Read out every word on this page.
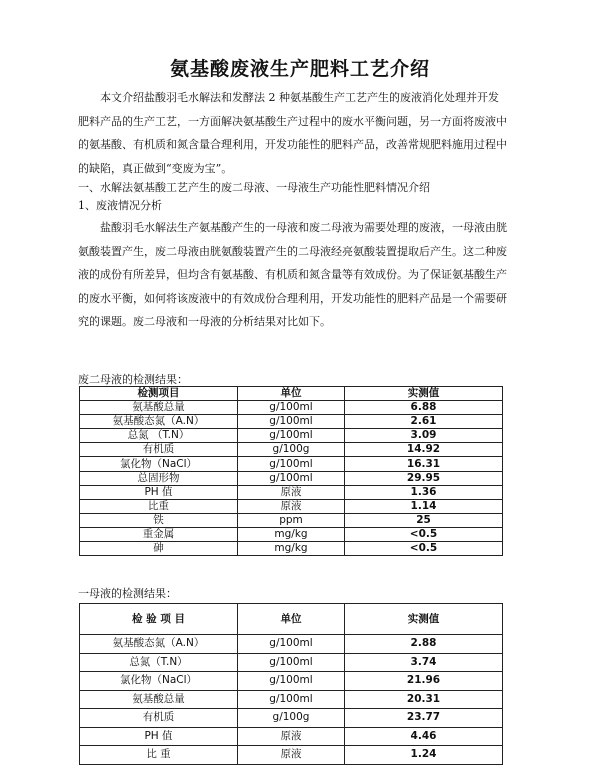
氨基酸废液生产肥料工艺介绍

本文介绍盐酸羽毛水解法和发酵法 2 种氨基酸生产工艺产生的废液消化处理并开发肥料产品的生产工艺，一方面解决氨基酸生产过程中的废水平衡问题，另一方面将废液中的氨基酸、有机质和氮含量合理利用，开发功能性的肥料产品，改善常规肥料施用过程中的缺陷，真正做到“变废为宝”。

一、水解法氨基酸工艺产生的废二母液、一母液生产功能性肥料情况介绍

1、废液情况分析

盐酸羽毛水解法生产氨基酸产生的一母液和废二母液为需要处理的废液，一母液由胱氨酸装置产生，废二母液由胱氨酸装置产生的二母液经亮氨酸装置提取后产生。这二种废液的成份有所差异，但均含有氨基酸、有机质和氮含量等有效成份。为了保证氨基酸生产的废水平衡，如何将该废液中的有效成份合理利用，开发功能性的肥料产品是一个需要研究的课题。废二母液和一母液的分析结果对比如下。

废二母液的检测结果：

检测项目	单位	实测值
氨基酸总量	g/100ml	6.88
氨基酸态氮（A.N）	g/100ml	2.61
总氮 （T.N）	g/100ml	3.09
有机质	g/100g	14.92
氯化物（NaCl）	g/100ml	16.31
总固形物	g/100ml	29.95
PH 值	原液	1.36
比重	原液	1.14
铁	ppm	25
重金属	mg/kg	<0.5
砷	mg/kg	<0.5

一母液的检测结果：

检 验 项 目	单位	实测值
氨基酸态氮（A.N）	g/100ml	2.88
总氮（T.N）	g/100ml	3.74
氯化物（NaCl）	g/100ml	21.96
氨基酸总量	g/100ml	20.31
有机质	g/100g	23.77
PH 值	原液	4.46
比 重	原液	1.24
